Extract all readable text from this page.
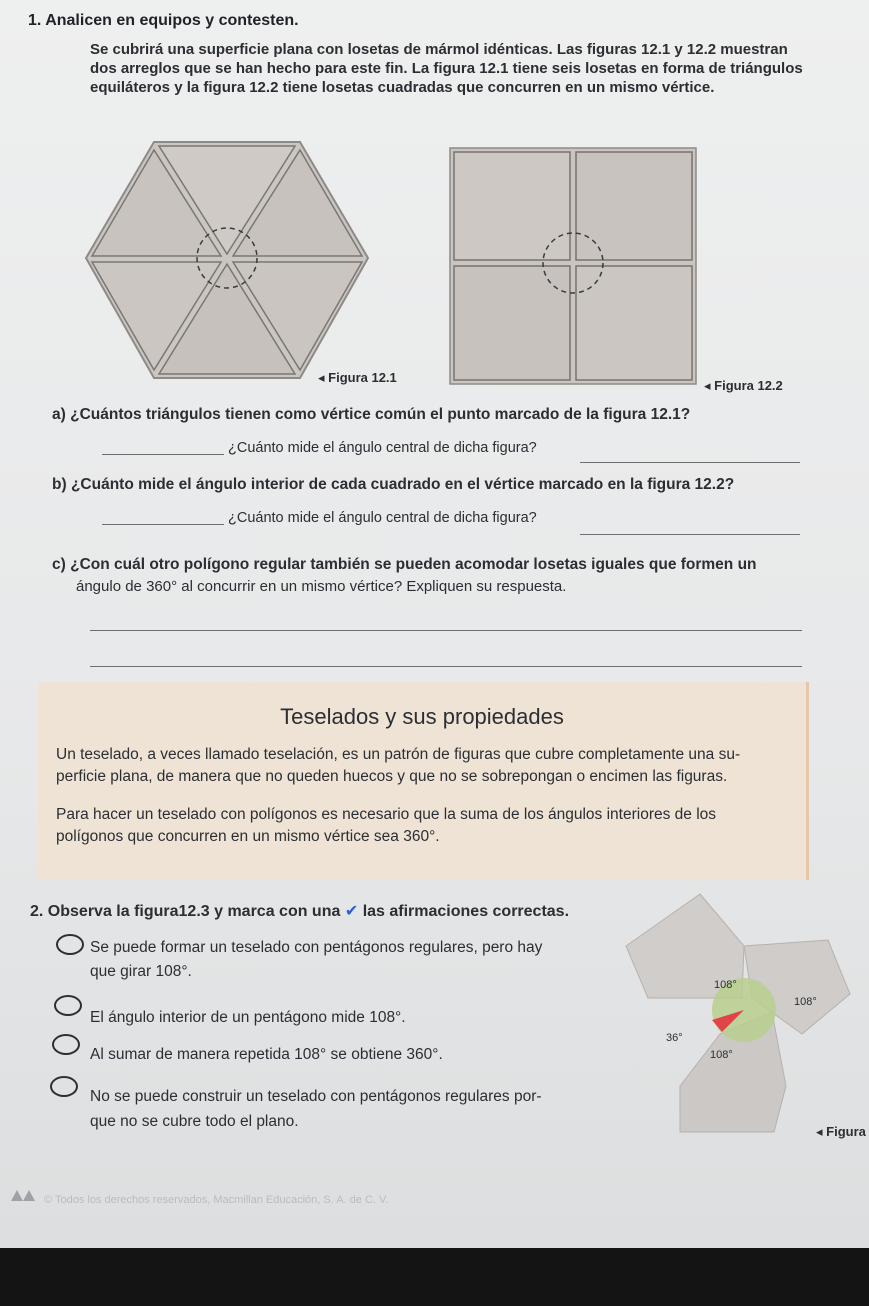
1. Analicen en equipos y contesten.
Se cubrirá una superficie plana con losetas de mármol idénticas. Las figuras 12.1 y 12.2 muestran dos arreglos que se han hecho para este fin. La figura 12.1 tiene seis losetas en forma de triángulos equiláteros y la figura 12.2 tiene losetas cuadradas que concurren en un mismo vértice.
◂ Figura 12.1
◂ Figura 12.2
a) ¿Cuántos triángulos tienen como vértice común el punto marcado de la figura 12.1?
¿Cuánto mide el ángulo central de dicha figura?
b) ¿Cuánto mide el ángulo interior de cada cuadrado en el vértice marcado en la figura 12.2?
¿Cuánto mide el ángulo central de dicha figura?
c) ¿Con cuál otro polígono regular también se pueden acomodar losetas iguales que formen un
ángulo de 360° al concurrir en un mismo vértice? Expliquen su respuesta.
Teselados y sus propiedades
Un teselado, a veces llamado teselación, es un patrón de figuras que cubre completamente una su-
perficie plana, de manera que no queden huecos y que no se sobrepongan o encimen las figuras.
Para hacer un teselado con polígonos es necesario que la suma de los ángulos interiores de los
polígonos que concurren en un mismo vértice sea 360°.
2. Observa la figura12.3 y marca con una ✔ las afirmaciones correctas.
Se puede formar un teselado con pentágonos regulares, pero hay
que girar 108°.
El ángulo interior de un pentágono mide 108°.
Al sumar de manera repetida 108° se obtiene 360°.
No se puede construir un teselado con pentágonos regulares por-
que no se cubre todo el plano.
108°
108°
36°
108°
◂ Figura
© Todos los derechos reservados, Macmillan Educación, S. A. de C. V.
